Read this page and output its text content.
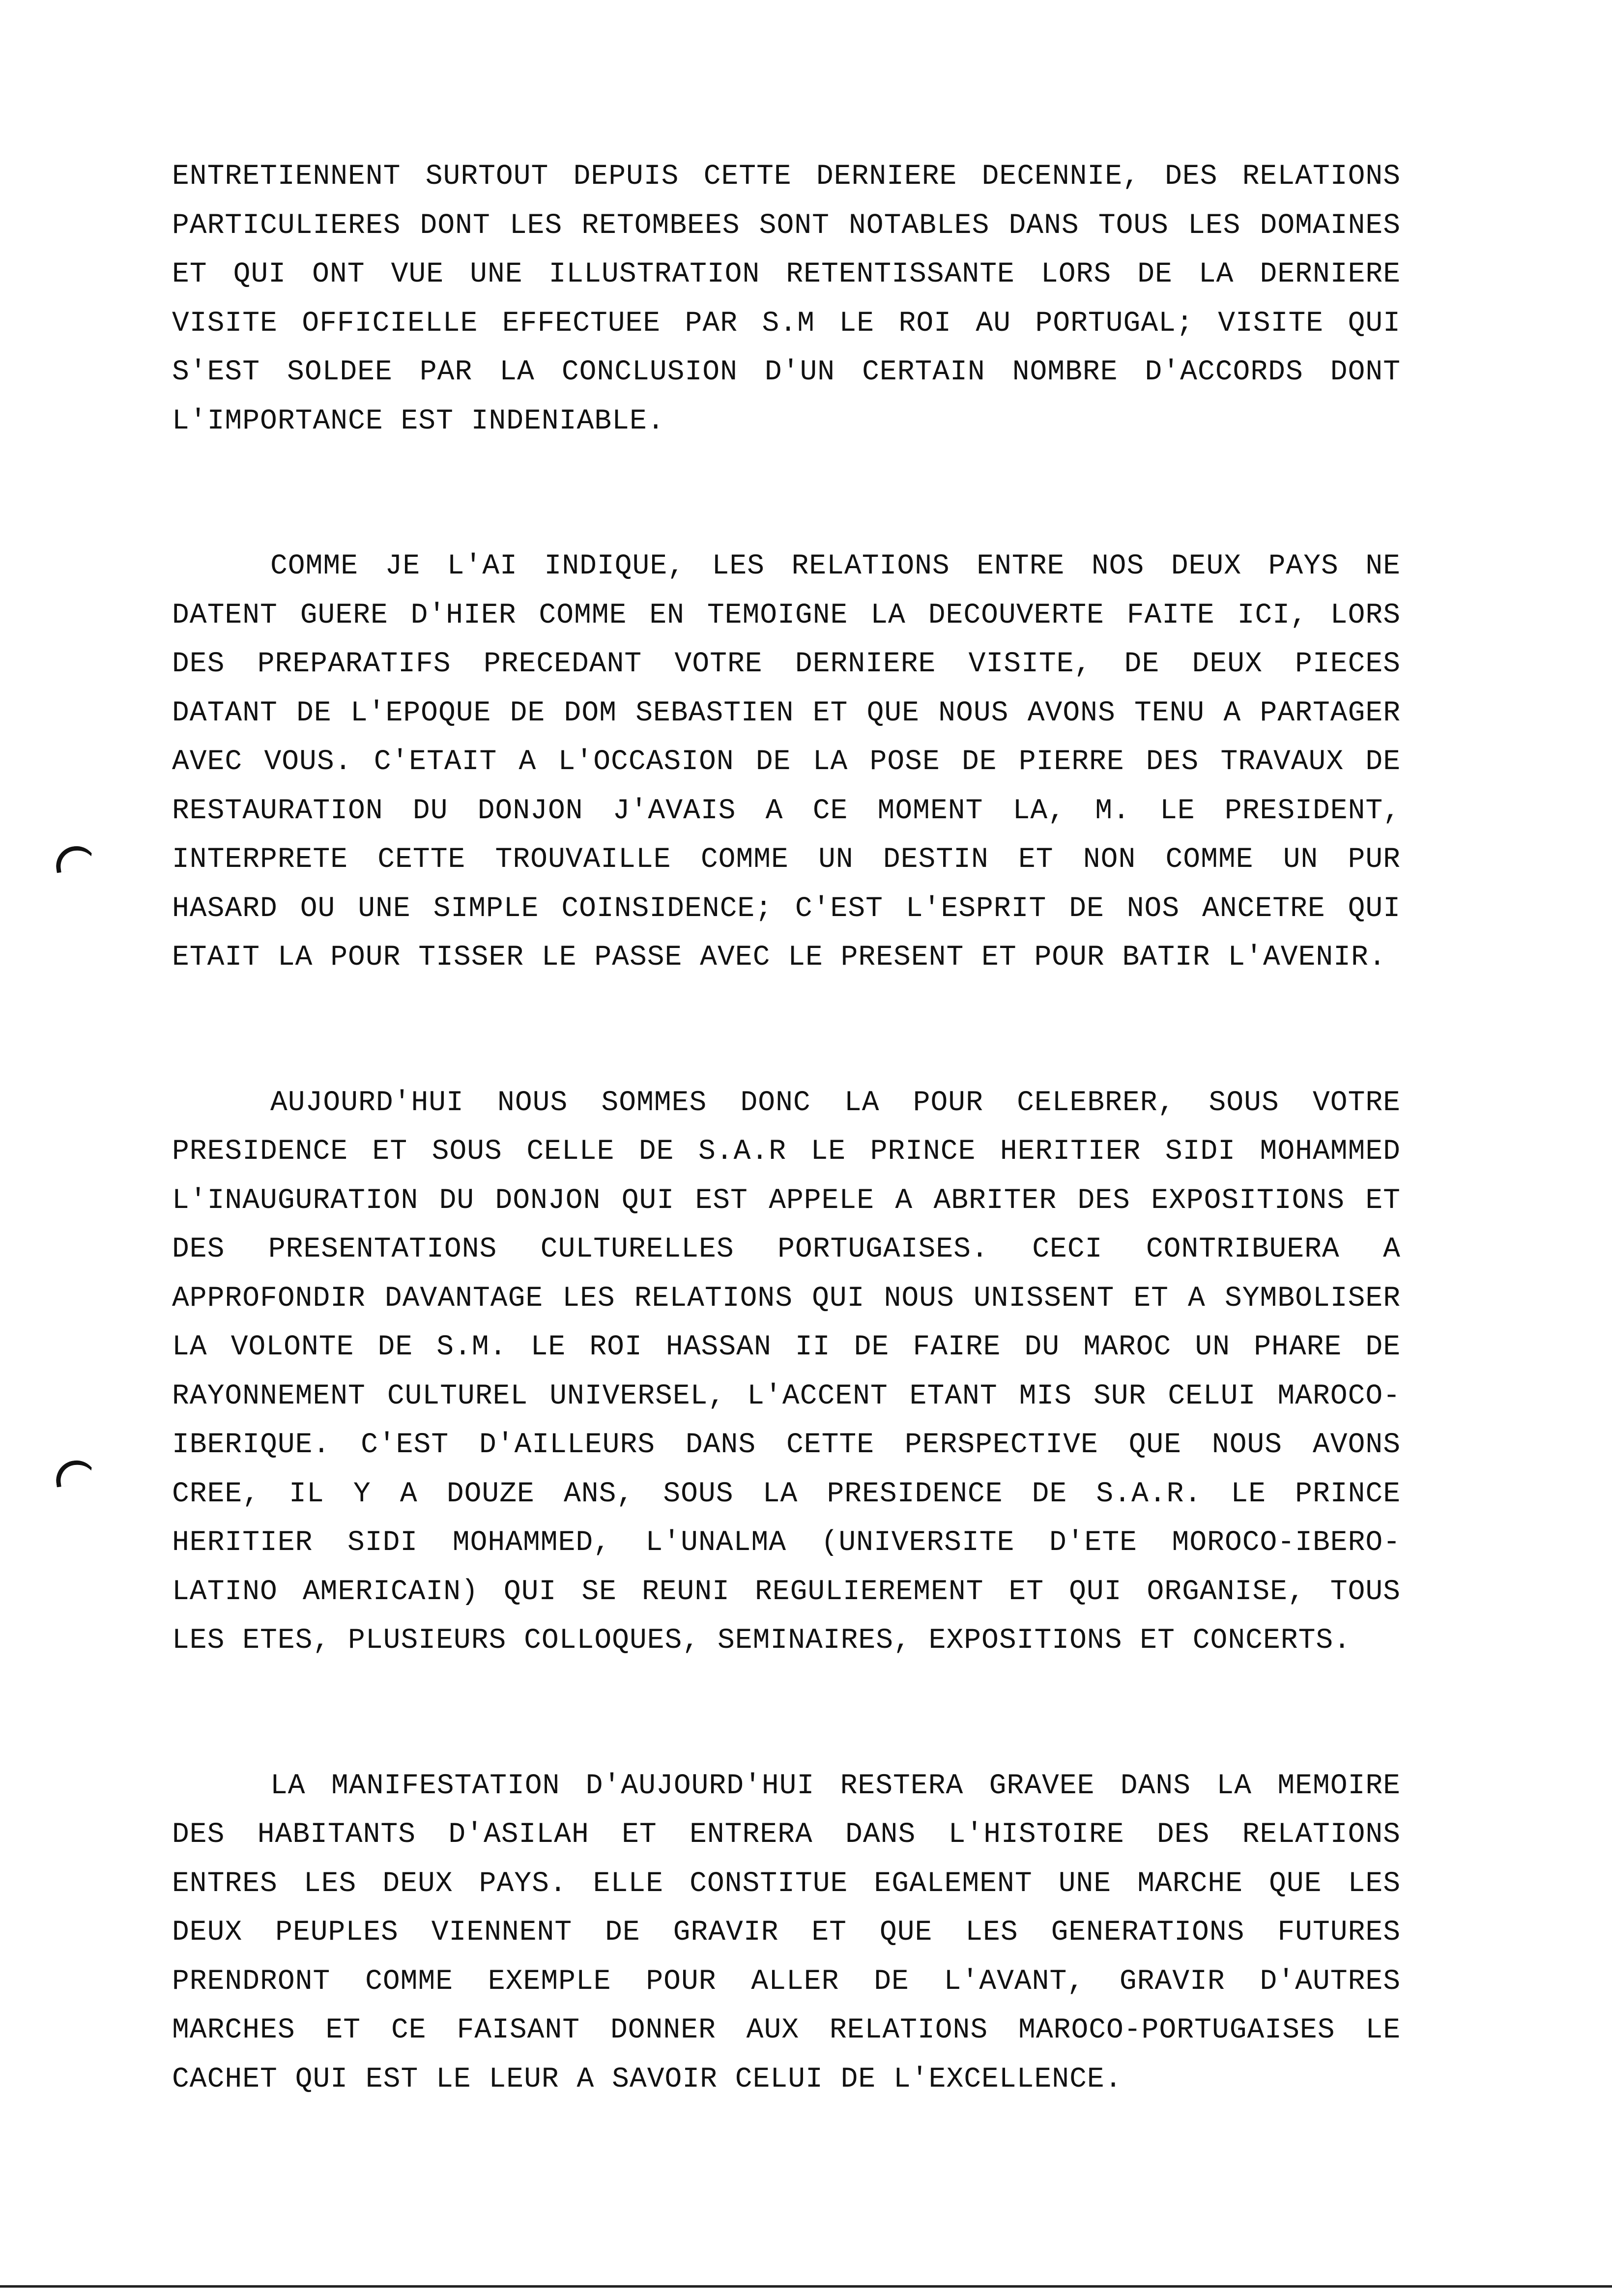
ENTRETIENNENT SURTOUT DEPUIS CETTE DERNIERE DECENNIE, DES RELATIONS PARTICULIERES DONT LES RETOMBEES SONT NOTABLES DANS TOUS LES DOMAINES ET QUI ONT VUE UNE ILLUSTRATION RETENTISSANTE LORS DE LA DERNIERE VISITE OFFICIELLE EFFECTUEE PAR S.M LE ROI AU PORTUGAL; VISITE QUI S'EST SOLDEE PAR LA CONCLUSION D'UN CERTAIN NOMBRE D'ACCORDS DONT L'IMPORTANCE EST INDENIABLE.

COMME JE L'AI INDIQUE, LES RELATIONS ENTRE NOS DEUX PAYS NE DATENT GUERE D'HIER COMME EN TEMOIGNE LA DECOUVERTE FAITE ICI, LORS DES PREPARATIFS PRECEDANT VOTRE DERNIERE VISITE, DE DEUX PIECES DATANT DE L'EPOQUE DE DOM SEBASTIEN ET QUE NOUS AVONS TENU A PARTAGER AVEC VOUS. C'ETAIT A L'OCCASION DE LA POSE DE PIERRE DES TRAVAUX DE RESTAURATION DU DONJON J'AVAIS A CE MOMENT LA, M. LE PRESIDENT, INTERPRETE CETTE TROUVAILLE COMME UN DESTIN ET NON COMME UN PUR HASARD OU UNE SIMPLE COINSIDENCE; C'EST L'ESPRIT DE NOS ANCETRE QUI ETAIT LA POUR TISSER LE PASSE AVEC LE PRESENT ET POUR BATIR L'AVENIR.

AUJOURD'HUI NOUS SOMMES DONC LA POUR CELEBRER, SOUS VOTRE PRESIDENCE ET SOUS CELLE DE S.A.R LE PRINCE HERITIER SIDI MOHAMMED L'INAUGURATION DU DONJON QUI EST APPELE A ABRITER DES EXPOSITIONS ET DES PRESENTATIONS CULTURELLES PORTUGAISES. CECI CONTRIBUERA A APPROFONDIR DAVANTAGE LES RELATIONS QUI NOUS UNISSENT ET A SYMBOLISER LA VOLONTE DE S.M. LE ROI HASSAN II DE FAIRE DU MAROC UN PHARE DE RAYONNEMENT CULTUREL UNIVERSEL, L'ACCENT ETANT MIS SUR CELUI MAROCO-IBERIQUE. C'EST D'AILLEURS DANS CETTE PERSPECTIVE QUE NOUS AVONS CREE, IL Y A DOUZE ANS, SOUS LA PRESIDENCE DE S.A.R. LE PRINCE HERITIER SIDI MOHAMMED, L'UNALMA (UNIVERSITE D'ETE MOROCO-IBERO-LATINO AMERICAIN) QUI SE REUNI REGULIEREMENT ET QUI ORGANISE, TOUS LES ETES, PLUSIEURS COLLOQUES, SEMINAIRES, EXPOSITIONS ET CONCERTS.

LA MANIFESTATION D'AUJOURD'HUI RESTERA GRAVEE DANS LA MEMOIRE DES HABITANTS D'ASILAH ET ENTRERA DANS L'HISTOIRE DES RELATIONS ENTRES LES DEUX PAYS. ELLE CONSTITUE EGALEMENT UNE MARCHE QUE LES DEUX PEUPLES VIENNENT DE GRAVIR ET QUE LES GENERATIONS FUTURES PRENDRONT COMME EXEMPLE POUR ALLER DE L'AVANT, GRAVIR D'AUTRES MARCHES ET CE FAISANT DONNER AUX RELATIONS MAROCO-PORTUGAISES LE CACHET QUI EST LE LEUR A SAVOIR CELUI DE L'EXCELLENCE.
